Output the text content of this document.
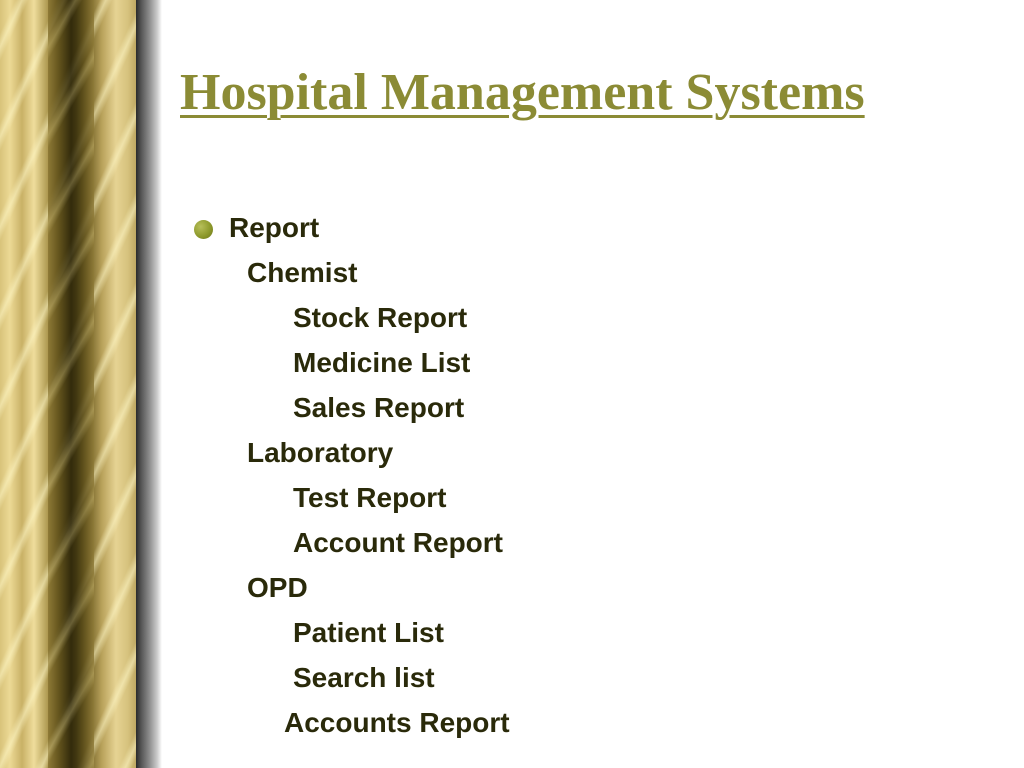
Hospital Management Systems
Report
Chemist
Stock Report
Medicine List
Sales Report
Laboratory
Test Report
Account Report
OPD
Patient List
Search list
Accounts Report
